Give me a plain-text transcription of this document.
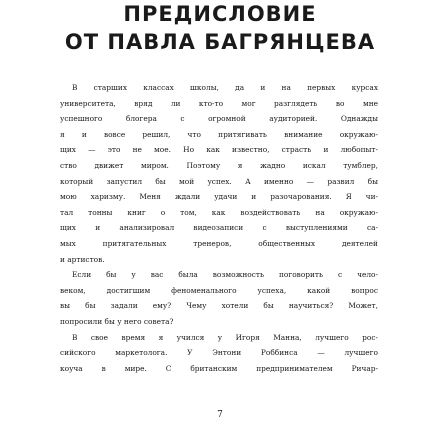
ПРЕДИСЛОВИЕ
ОТ ПАВЛА БАГРЯНЦЕВА
В старших классах школы, да и на первых курсах
университета, вряд ли кто-то мог разглядеть во мне
успешного блогера с огромной аудиторией. Однажды
я и вовсе решил, что притягивать внимание окружаю-
щих — это не мое. Но как известно, страсть и любопыт-
ство движет миром. Поэтому я жадно искал тумблер,
который запустил бы мой успех. А именно — развил бы
мою харизму. Меня ждали удачи и разочарования. Я чи-
тал тонны книг о том, как воздействовать на окружаю-
щих и анализировал видеозаписи с выступлениями са-
мых притягательных тренеров, общественных деятелей
и артистов.
Если бы у вас была возможность поговорить с чело-
веком, достигшим феноменального успеха, какой вопрос
вы бы задали ему? Чему хотели бы научиться? Может,
попросили бы у него совета?
В свое время я учился у Игоря Манна, лучшего рос-
сийского маркетолога. У Энтони Роббинса — лучшего
коуча в мире. С британским предпринимателем Ричар-
7
